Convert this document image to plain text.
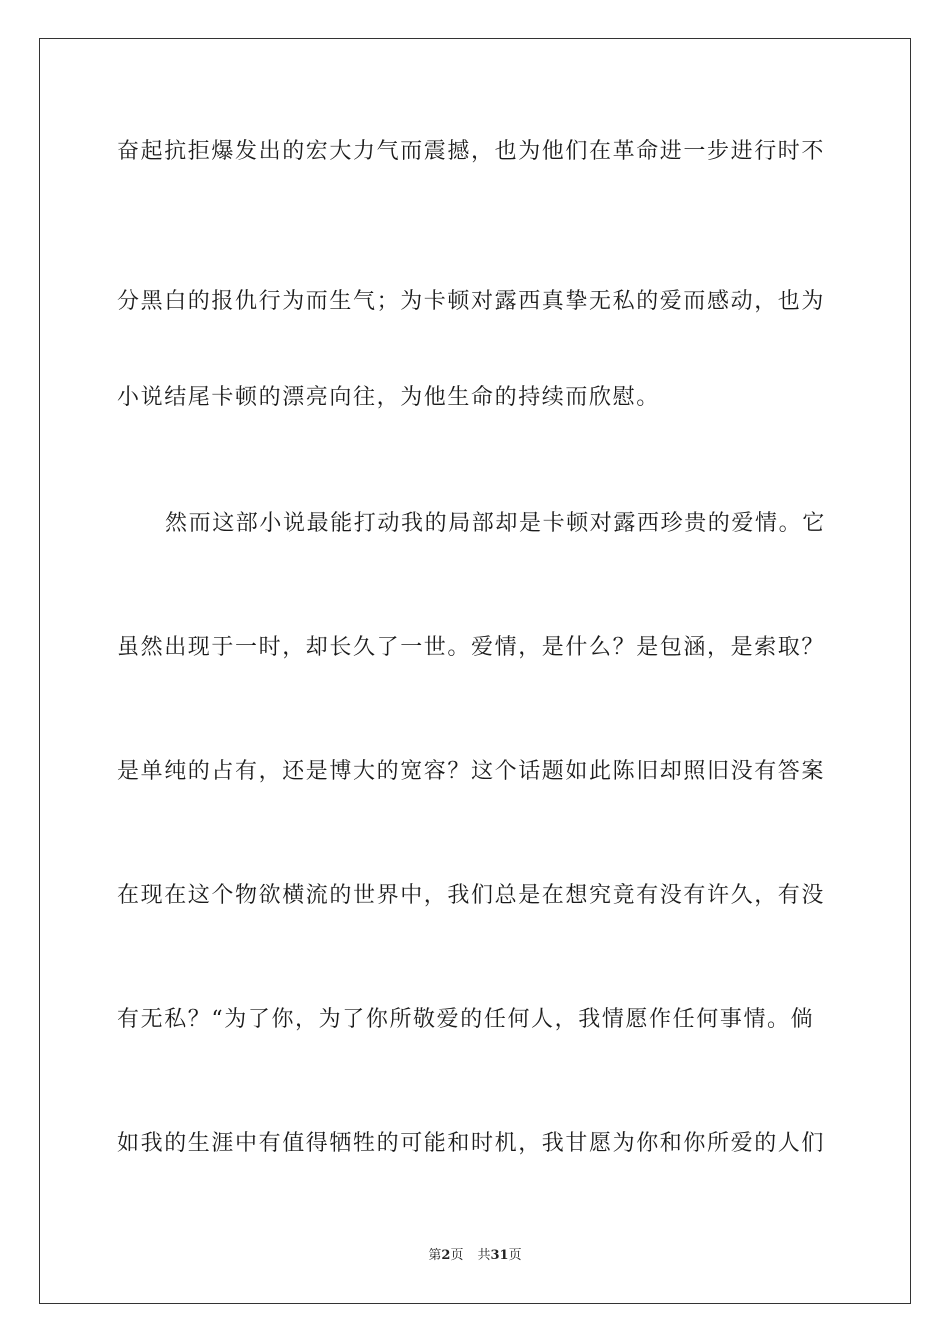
奋起抗拒爆发出的宏大力气而震撼，也为他们在革命进一步进行时不
分黑白的报仇行为而生气；为卡顿对露西真挚无私的爱而感动，也为
小说结尾卡顿的漂亮向往，为他生命的持续而欣慰。
然而这部小说最能打动我的局部却是卡顿对露西珍贵的爱情。它
虽然出现于一时，却长久了一世。爱情，是什么？是包涵，是索取？
是单纯的占有，还是博大的宽容？这个话题如此陈旧却照旧没有答案
在现在这个物欲横流的世界中，我们总是在想究竟有没有许久，有没
有无私？“为了你，为了你所敬爱的任何人，我情愿作任何事情。倘
如我的生涯中有值得牺牲的可能和时机，我甘愿为你和你所爱的人们
第2页 共31页
